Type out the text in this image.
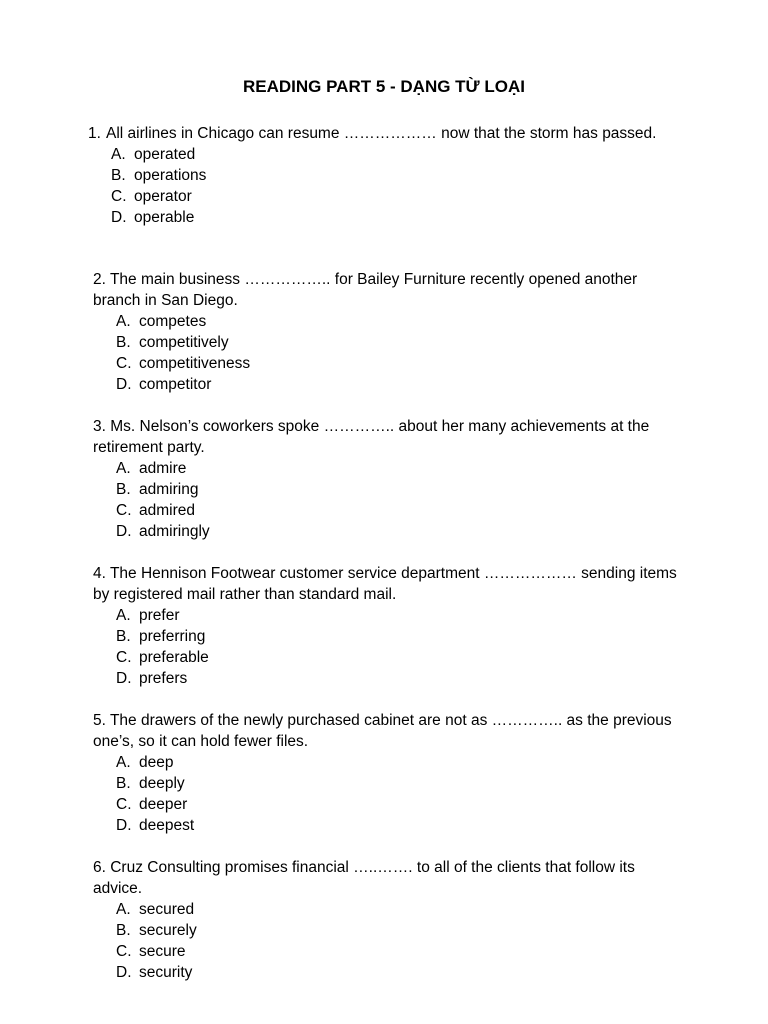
READING PART 5 - DẠNG TỪ LOẠI
1. All airlines in Chicago can resume ……………… now that the storm has passed.
A. operated
B. operations
C. operator
D. operable

2. The main business …………….. for Bailey Furniture recently opened another branch in San Diego.

A. competes
B. competitively
C. competitiveness
D. competitor

3. Ms. Nelson’s coworkers spoke ………….. about her many achievements at the retirement party.

A. admire
B. admiring
C. admired
D. admiringly

4. The Hennison Footwear customer service department ……………… sending items by registered mail rather than standard mail.

A. prefer
B. preferring
C. preferable
D. prefers

5. The drawers of the newly purchased cabinet are not as ………….. as the previous one’s, so it can hold fewer files.

A. deep
B. deeply
C. deeper
D. deepest

6. Cruz Consulting promises financial …..……. to all of the clients that follow its advice.

A. secured
B. securely
C. secure
D. security
